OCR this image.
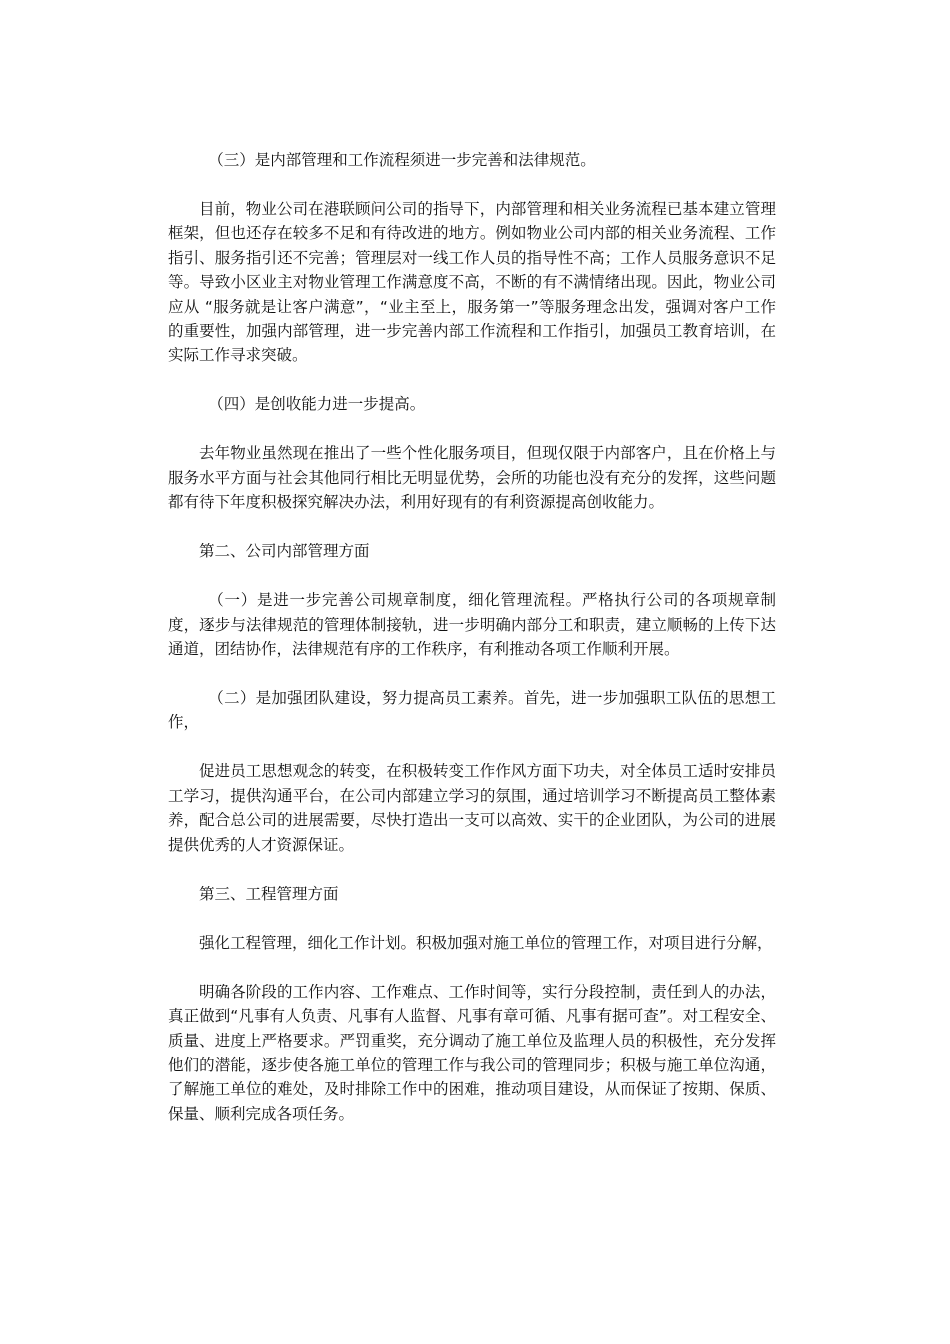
（三）是内部管理和工作流程须进一步完善和法律规范。

目前，物业公司在港联顾问公司的指导下，内部管理和相关业务流程已基本建立管理框架，但也还存在较多不足和有待改进的地方。例如物业公司内部的相关业务流程、工作指引、服务指引还不完善；管理层对一线工作人员的指导性不高；工作人员服务意识不足等。导致小区业主对物业管理工作满意度不高，不断的有不满情绪出现。因此，物业公司应从 “服务就是让客户满意”，“业主至上，服务第一”等服务理念出发，强调对客户工作的重要性，加强内部管理，进一步完善内部工作流程和工作指引，加强员工教育培训，在实际工作寻求突破。

（四）是创收能力进一步提高。

去年物业虽然现在推出了一些个性化服务项目，但现仅限于内部客户，且在价格上与服务水平方面与社会其他同行相比无明显优势，会所的功能也没有充分的发挥，这些问题都有待下年度积极探究解决办法，利用好现有的有利资源提高创收能力。

第二、公司内部管理方面

（一）是进一步完善公司规章制度，细化管理流程。严格执行公司的各项规章制度，逐步与法律规范的管理体制接轨，进一步明确内部分工和职责，建立顺畅的上传下达通道，团结协作，法律规范有序的工作秩序，有利推动各项工作顺利开展。

（二）是加强团队建设，努力提高员工素养。首先，进一步加强职工队伍的思想工作，

促进员工思想观念的转变，在积极转变工作作风方面下功夫，对全体员工适时安排员工学习，提供沟通平台，在公司内部建立学习的氛围，通过培训学习不断提高员工整体素养，配合总公司的进展需要，尽快打造出一支可以高效、实干的企业团队，为公司的进展提供优秀的人才资源保证。

第三、工程管理方面

强化工程管理，细化工作计划。积极加强对施工单位的管理工作，对项目进行分解，

明确各阶段的工作内容、工作难点、工作时间等，实行分段控制，责任到人的办法，真正做到“凡事有人负责、凡事有人监督、凡事有章可循、凡事有据可查”。对工程安全、质量、进度上严格要求。严罚重奖，充分调动了施工单位及监理人员的积极性，充分发挥他们的潜能，逐步使各施工单位的管理工作与我公司的管理同步；积极与施工单位沟通，了解施工单位的难处，及时排除工作中的困难，推动项目建设，从而保证了按期、保质、保量、顺利完成各项任务。
